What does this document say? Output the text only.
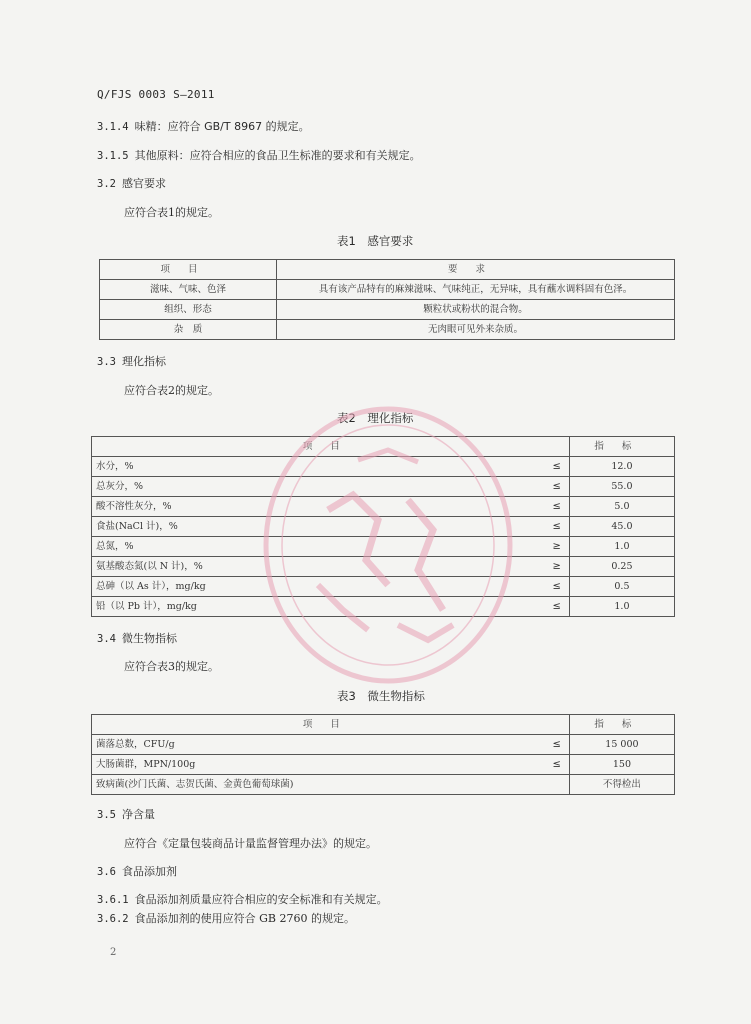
Q/FJS 0003 S—2011
3.1.4 味精：应符合 GB/T 8967 的规定。
3.1.5 其他原料：应符合相应的食品卫生标准的要求和有关规定。
3.2 感官要求
应符合表1的规定。
表1　感官要求
项目	要求
滋味、气味、色泽	具有该产品特有的麻辣滋味、气味纯正，无异味，具有蘸水调料固有色泽。
组织、形态	颗粒状或粉状的混合物。
杂　质	无肉眼可见外来杂质。
3.3 理化指标
应符合表2的规定。
表2　理化指标
项目		指标
水分，%	≤	12.0
总灰分，%	≤	55.0
酸不溶性灰分，%	≤	5.0
食盐(NaCl 计)，%	≤	45.0
总氮，%	≥	1.0
氨基酸态氮(以 N 计)，%	≥	0.25
总砷（以 As 计），mg/kg	≤	0.5
铅（以 Pb 计），mg/kg	≤	1.0
3.4 微生物指标
应符合表3的规定。
表3　微生物指标
项目		指标
菌落总数，CFU/g	≤	15 000
大肠菌群，MPN/100g	≤	150
致病菌(沙门氏菌、志贺氏菌、金黄色葡萄球菌)		不得检出
3.5 净含量
应符合《定量包装商品计量监督管理办法》的规定。
3.6 食品添加剂
3.6.1 食品添加剂质量应符合相应的安全标准和有关规定。
3.6.2 食品添加剂的使用应符合 GB 2760 的规定。
2
